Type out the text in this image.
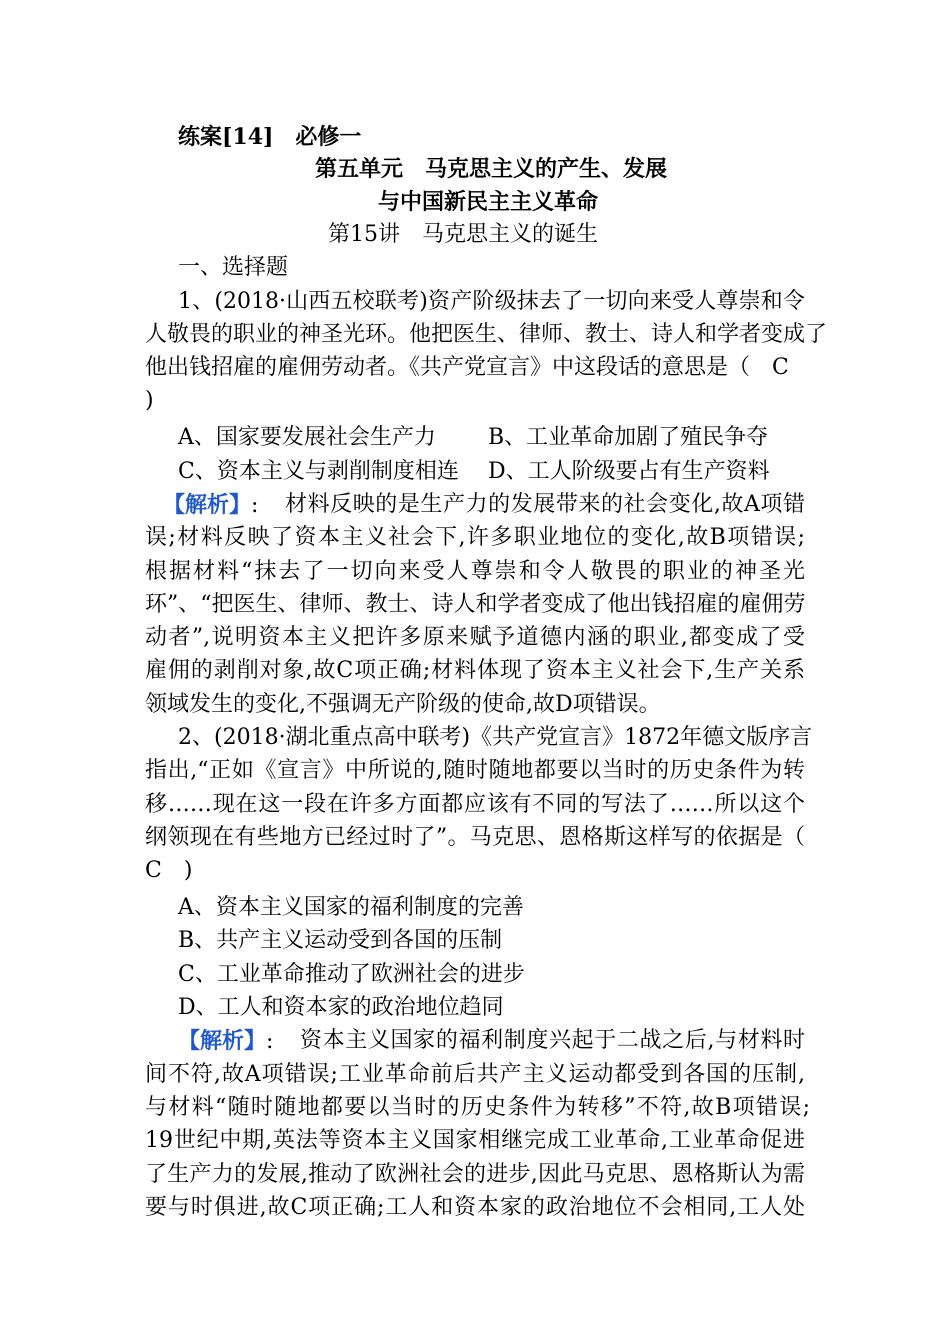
练案[14]　必修一
第五单元　马克思主义的产生、发展
与中国新民主主义革命
第15讲　马克思主义的诞生
一、选择题
1、(2018·山西五校联考)资产阶级抹去了一切向来受人尊崇和令
人敬畏的职业的神圣光环。他把医生、律师、教士、诗人和学者变成了
他出钱招雇的雇佣劳动者。《共产党宣言》中这段话的意思是（　C
)
A、国家要发展社会生产力 B、工业革命加剧了殖民争夺
C、资本主义与剥削制度相连 D、工人阶级要占有生产资料
【解析】: 材料反映的是生产力的发展带来的社会变化,故A项错
误;材料反映了资本主义社会下,许多职业地位的变化,故B项错误;
根据材料“抹去了一切向来受人尊崇和令人敬畏的职业的神圣光
环”、“把医生、律师、教士、诗人和学者变成了他出钱招雇的雇佣劳
动者”,说明资本主义把许多原来赋予道德内涵的职业,都变成了受
雇佣的剥削对象,故C项正确;材料体现了资本主义社会下,生产关系
领域发生的变化,不强调无产阶级的使命,故D项错误。
2、(2018·湖北重点高中联考)《共产党宣言》1872年德文版序言
指出,“正如《宣言》中所说的,随时随地都要以当时的历史条件为转
移……现在这一段在许多方面都应该有不同的写法了……所以这个
纲领现在有些地方已经过时了”。马克思、恩格斯这样写的依据是（
C　)
A、资本主义国家的福利制度的完善
B、共产主义运动受到各国的压制
C、工业革命推动了欧洲社会的进步
D、工人和资本家的政治地位趋同
【解析】: 资本主义国家的福利制度兴起于二战之后,与材料时
间不符,故A项错误;工业革命前后共产主义运动都受到各国的压制,
与材料“随时随地都要以当时的历史条件为转移”不符,故B项错误;
19世纪中期,英法等资本主义国家相继完成工业革命,工业革命促进
了生产力的发展,推动了欧洲社会的进步,因此马克思、恩格斯认为需
要与时俱进,故C项正确;工人和资本家的政治地位不会相同,工人处
